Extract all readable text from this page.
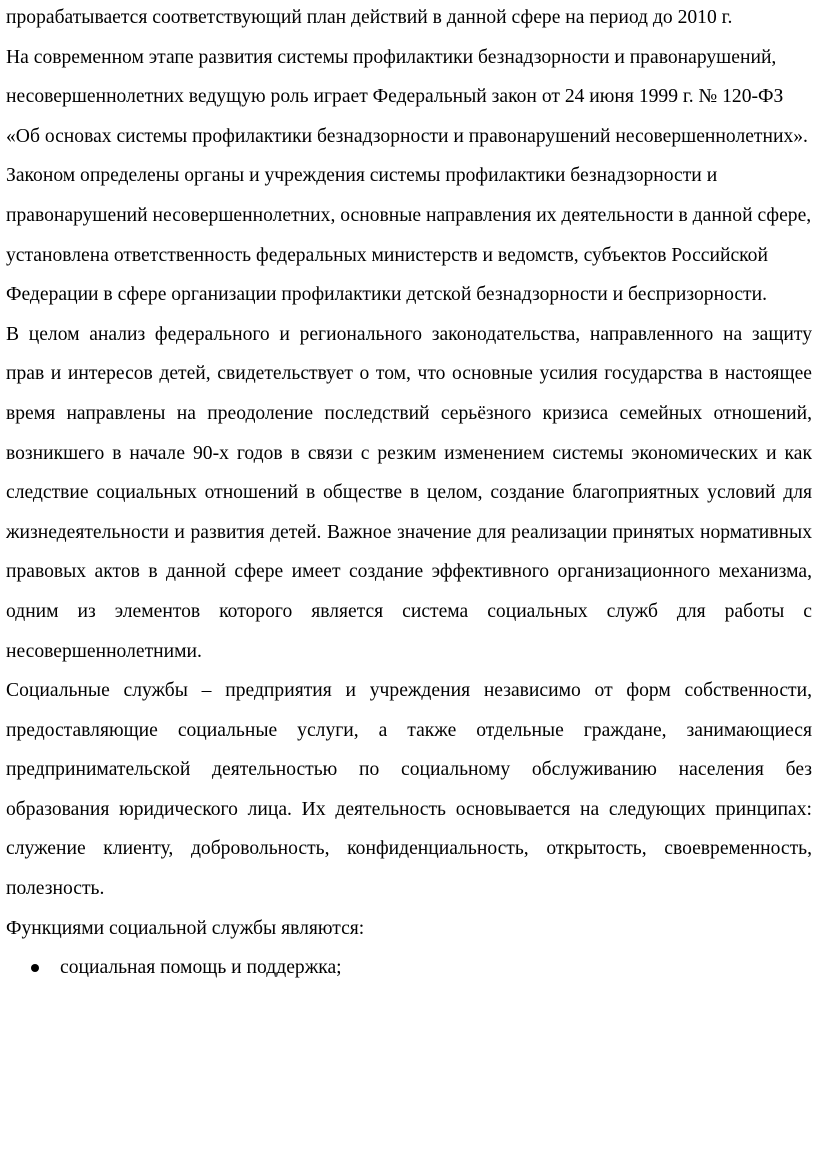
прорабатывается соответствующий план действий в данной сфере на период до 2010 г.

На современном этапе развития системы профилактики безнадзорности и правонарушений, несовершеннолетних ведущую роль играет Федеральный закон от 24 июня 1999 г. № 120-ФЗ «Об основах системы профилактики безнадзорности и правонарушений несовершеннолетних». Законом определены органы и учреждения системы профилактики безнадзорности и правонарушений несовершеннолетних, основные направления их деятельности в данной сфере, установлена ответственность федеральных министерств и ведомств, субъектов Российской Федерации в сфере организации профилактики детской безнадзорности и беспризорности.

В целом анализ федерального и регионального законодательства, направленного на защиту прав и интересов детей, свидетельствует о том, что основные усилия государства в настоящее время направлены на преодоление последствий серьёзного кризиса семейных отношений, возникшего в начале 90-х годов в связи с резким изменением системы экономических и как следствие социальных отношений в обществе в целом, создание благоприятных условий для жизнедеятельности и развития детей. Важное значение для реализации принятых нормативных правовых актов в данной сфере имеет создание эффективного организационного механизма, одним из элементов которого является система социальных служб для работы с несовершеннолетними.

Социальные службы – предприятия и учреждения независимо от форм собственности, предоставляющие социальные услуги, а также отдельные граждане, занимающиеся предпринимательской деятельностью по социальному обслуживанию населения без образования юридического лица. Их деятельность основывается на следующих принципах: служение клиенту, добровольность, конфиденциальность, открытость, своевременность, полезность.

Функциями социальной службы являются:

социальная помощь и поддержка;
